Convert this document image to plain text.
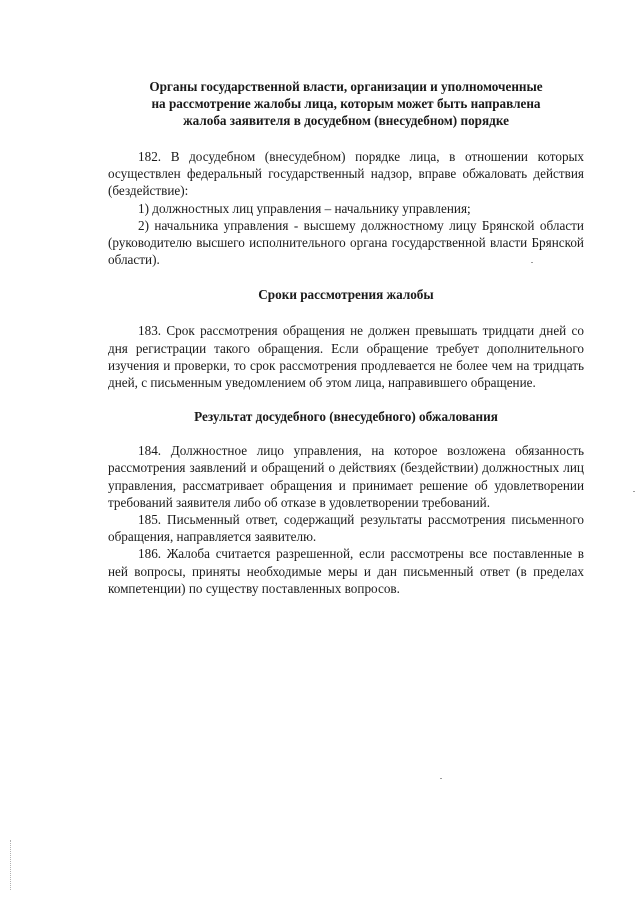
Органы государственной власти, организации и уполномоченные
на рассмотрение жалобы лица, которым может быть направлена
жалоба заявителя в досудебном (внесудебном) порядке

182. В досудебном (внесудебном) порядке лица, в отношении которых осуществлен федеральный государственный надзор, вправе обжаловать действия (бездействие):

1) должностных лиц управления – начальнику управления;

2) начальника управления - высшему должностному лицу Брянской области (руководителю высшего исполнительного органа государственной власти Брянской области).

Сроки рассмотрения жалобы

183. Срок рассмотрения обращения не должен превышать тридцати дней со дня регистрации такого обращения. Если обращение требует дополнительного изучения и проверки, то срок рассмотрения продлевается не более чем на тридцать дней, с письменным уведомлением об этом лица, направившего обращение.

Результат досудебного (внесудебного) обжалования

184. Должностное лицо управления, на которое возложена обязанность рассмотрения заявлений и обращений о действиях (бездействии) должностных лиц управления, рассматривает обращения и принимает решение об удовлетворении требований заявителя либо об отказе в удовлетворении требований.

185. Письменный ответ, содержащий результаты рассмотрения письменного обращения, направляется заявителю.

186. Жалоба считается разрешенной, если рассмотрены все поставленные в ней вопросы, приняты необходимые меры и дан письменный ответ (в пределах компетенции) по существу поставленных вопросов.
